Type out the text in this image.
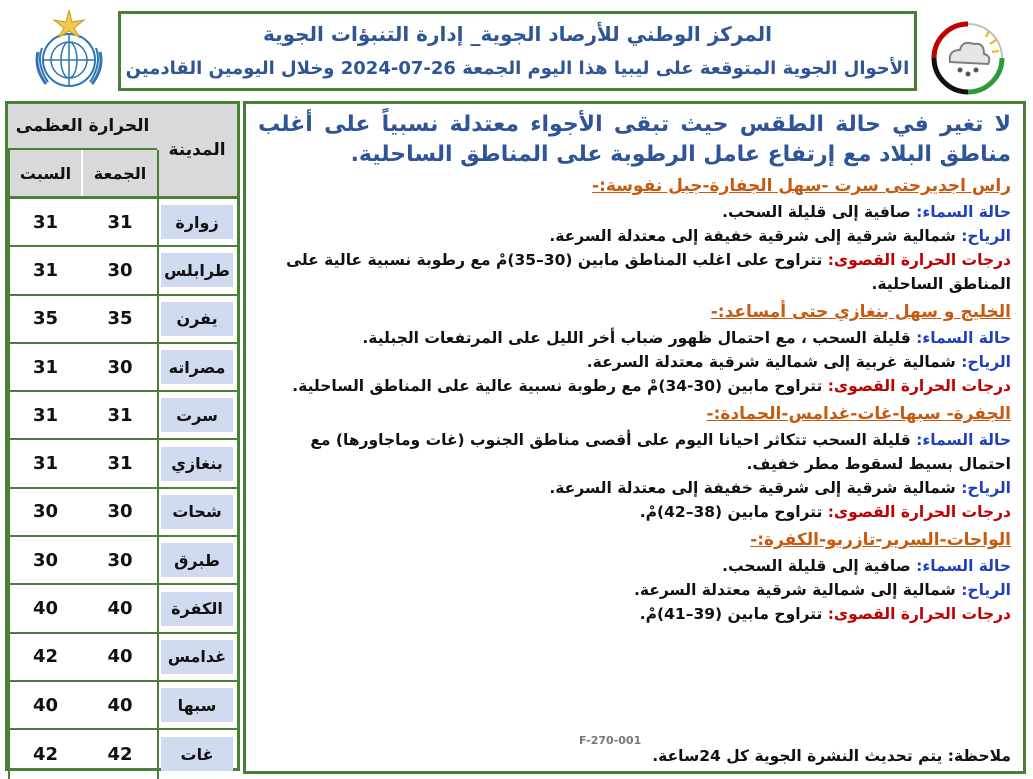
المركز الوطني للأرصاد الجوية_ إدارة التنبؤات الجوية
الأحوال الجوية المتوقعة على ليبيا هذا اليوم الجمعة 26-07-2024 وخلال اليومين القادمين
المدينة
الحرارة العظمى
الجمعة
السبت
زوارة
31
31
طرابلس
30
31
يفرن
35
35
مصراته
30
31
سرت
31
31
بنغازي
31
31
شحات
30
30
طبرق
30
30
الكفرة
40
40
غدامس
40
42
سبها
40
40
غات
42
42

لا تغير في حالة الطقس حيث تبقى الأجواء معتدلة نسبياً على أغلب مناطق البلاد مع إرتفاع عامل الرطوبة على المناطق الساحلية.

راس اجديرحتى سرت -سهل الجفارة-جبل نفوسة:-

حالة السماء: صافية إلى قليلة السحب.

الرياح: شمالية شرقية إلى شرقية خفيفة إلى معتدلة السرعة.

درجات الحرارة القصوى: تتراوح على اغلب المناطق مابين (30–35)مْ مع رطوبة نسبية عالية على المناطق الساحلية.

الخليج و سهل بنغازي حتى أمساعد:-

حالة السماء: قليلة السحب ، مع احتمال ظهور ضباب أخر الليل على المرتفعات الجبلية.

الرياح: شمالية غربية إلى شمالية شرقية معتدلة السرعة.

درجات الحرارة القصوى: تتراوح مابين (30-34)مْ مع رطوبة نسبية عالية على المناطق الساحلية.

الجفرة- سبها-غات-غدامس-الحمادة:-

حالة السماء: قليلة السحب تتكاثر احيانا اليوم على أقصى مناطق الجنوب (غات وماجاورها) مع احتمال بسيط لسقوط مطر خفيف.

الرياح: شمالية شرقية إلى شرقية خفيفة إلى معتدلة السرعة.

درجات الحرارة القصوى: تتراوح مابين (38–42)مْ.

الواحات-السرير-تازربو-الكفرة:-

حالة السماء: صافية إلى قليلة السحب.

الرياح: شمالية إلى شمالية شرقية معتدلة السرعة.

درجات الحرارة القصوى: تتراوح مابين (39–41)مْ.

F-270-001
ملاحظة: يتم تحديث النشرة الجوية كل 24ساعة.
